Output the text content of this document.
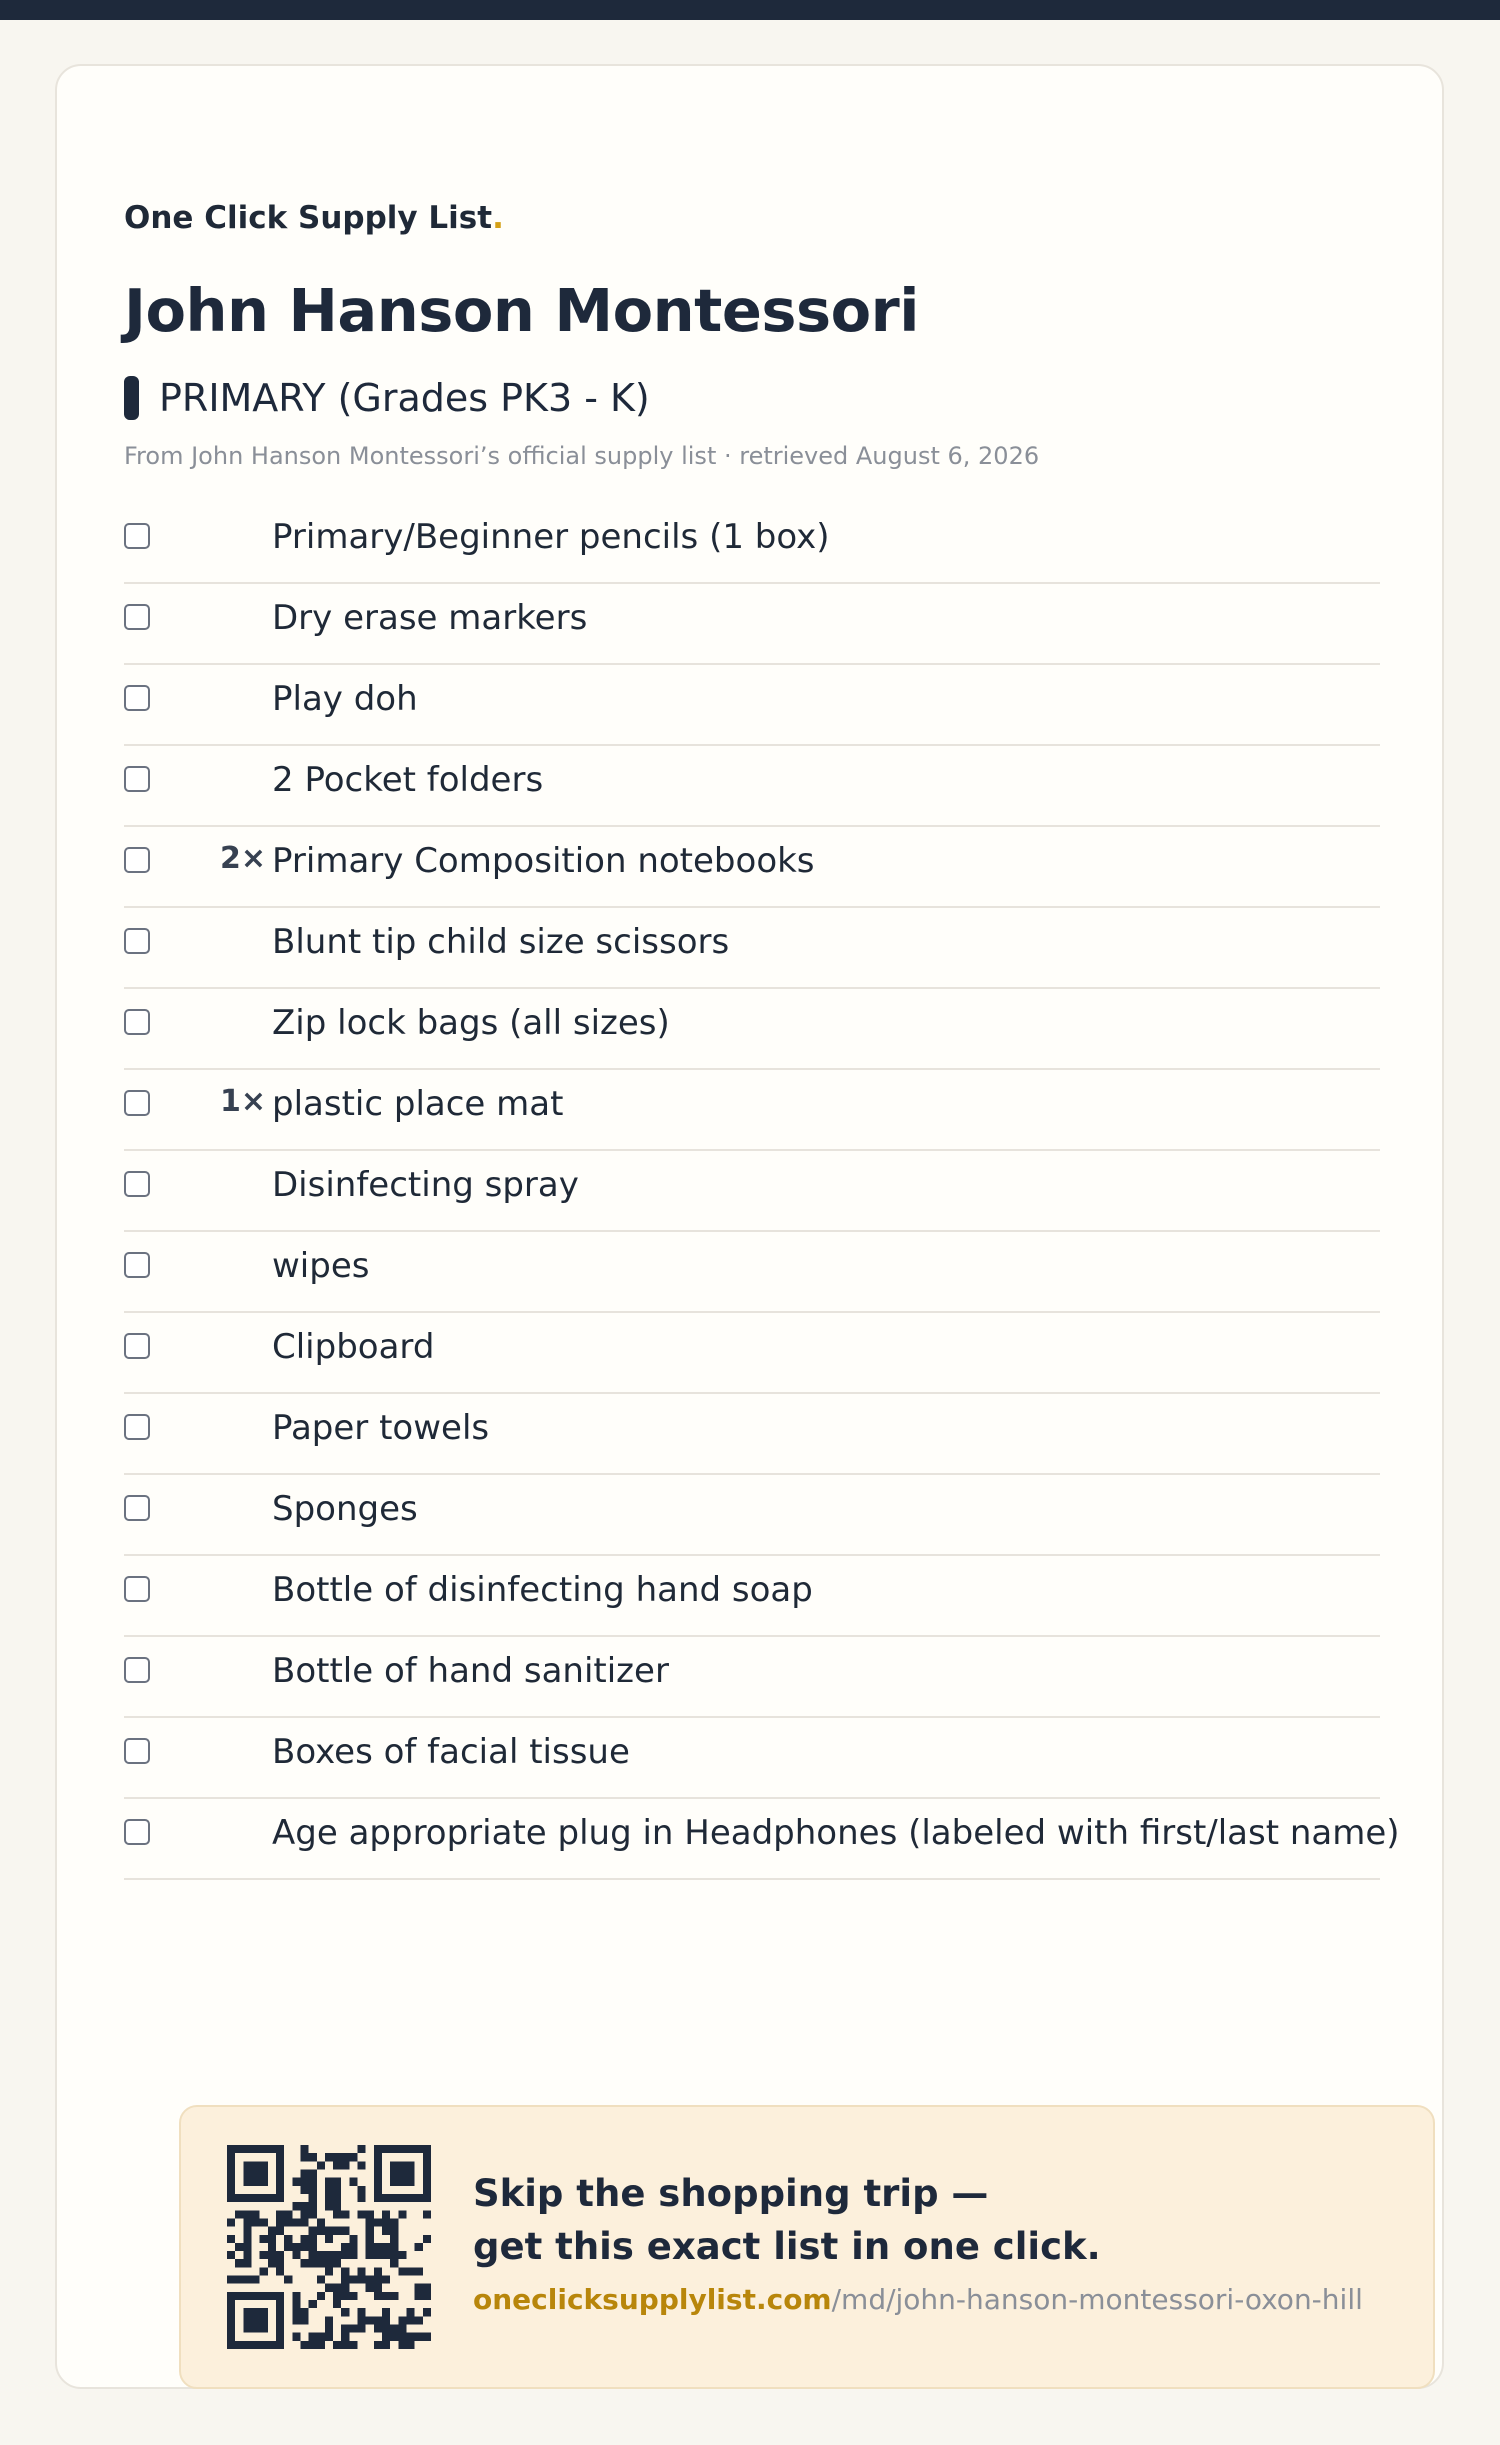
One Click Supply List.
John Hanson Montessori
PRIMARY (Grades PK3 - K)
From John Hanson Montessori’s official supply list · retrieved August 6, 2026
Primary/Beginner pencils (1 box)
Dry erase markers
Play doh
2 Pocket folders
2× Primary Composition notebooks
Blunt tip child size scissors
Zip lock bags (all sizes)
1× plastic place mat
Disinfecting spray
wipes
Clipboard
Paper towels
Sponges
Bottle of disinfecting hand soap
Bottle of hand sanitizer
Boxes of facial tissue
Age appropriate plug in Headphones (labeled with first/last name)
Skip the shopping trip —
get this exact list in one click.
oneclicksupplylist.com/md/john-hanson-montessori-oxon-hill
